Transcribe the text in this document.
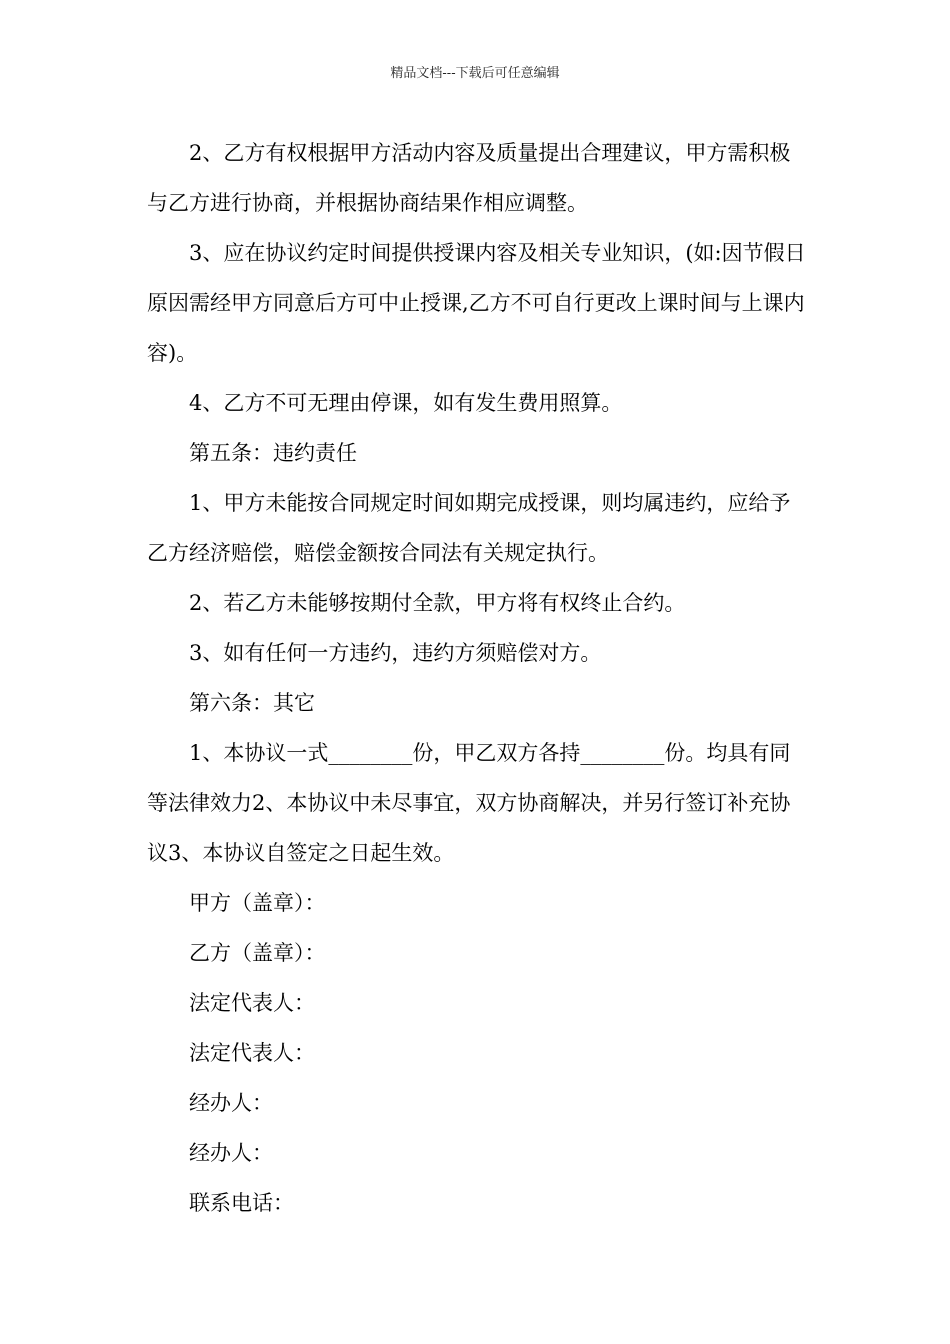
精品文档---下载后可任意编辑

2、乙方有权根据甲方活动内容及质量提出合理建议，甲方需积极与乙方进行协商，并根据协商结果作相应调整。

3、应在协议约定时间提供授课内容及相关专业知识，(如:因节假日原因需经甲方同意后方可中止授课,乙方不可自行更改上课时间与上课内容)。

4、乙方不可无理由停课，如有发生费用照算。

第五条：违约责任

1、甲方未能按合同规定时间如期完成授课，则均属违约，应给予乙方经济赔偿，赔偿金额按合同法有关规定执行。

2、若乙方未能够按期付全款，甲方将有权终止合约。

3、如有任何一方违约，违约方须赔偿对方。

第六条：其它

1、本协议一式________份，甲乙双方各持________份。均具有同等法律效力2、本协议中未尽事宜，双方协商解决，并另行签订补充协议3、本协议自签定之日起生效。

甲方（盖章）：

乙方（盖章）：

法定代表人：

法定代表人：

经办人：

经办人：

联系电话：
